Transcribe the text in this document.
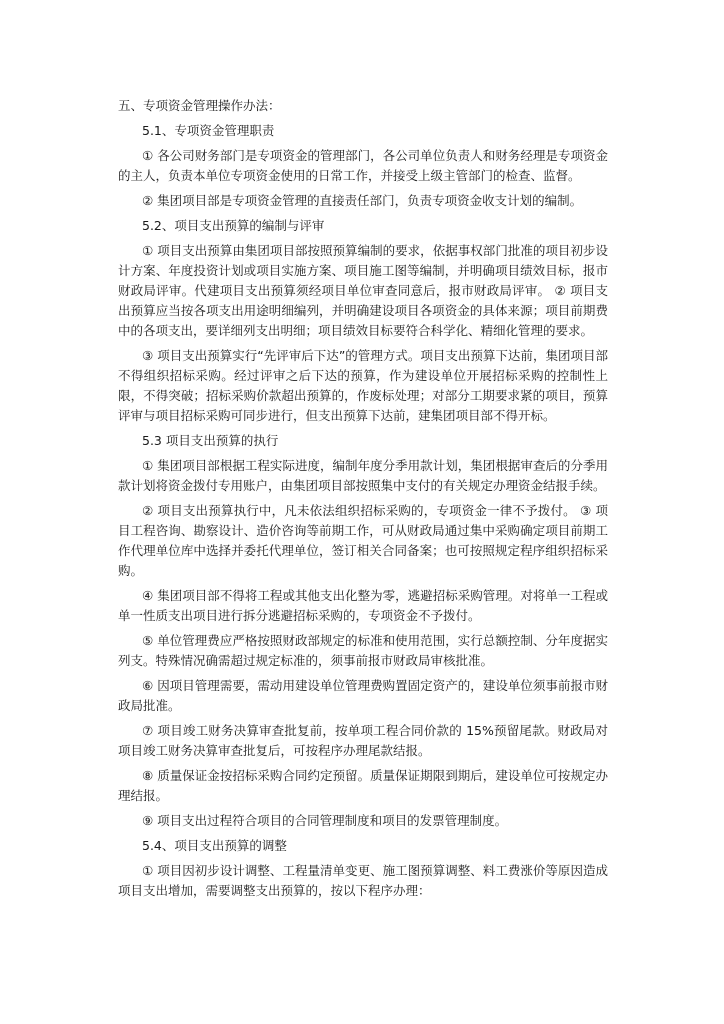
五、专项资金管理操作办法：
5.1、专项资金管理职责

① 各公司财务部门是专项资金的管理部门，各公司单位负责人和财务经理是专项资金的主人，负责本单位专项资金使用的日常工作，并接受上级主管部门的检查、监督。

② 集团项目部是专项资金管理的直接责任部门，负责专项资金收支计划的编制。

5.2、项目支出预算的编制与评审

① 项目支出预算由集团项目部按照预算编制的要求，依据事权部门批准的项目初步设计方案、年度投资计划或项目实施方案、项目施工图等编制，并明确项目绩效目标，报市财政局评审。代建项目支出预算须经项目单位审查同意后，报市财政局评审。 ② 项目支出预算应当按各项支出用途明细编列，并明确建设项目各项资金的具体来源；项目前期费中的各项支出，要详细列支出明细；项目绩效目标要符合科学化、精细化管理的要求。

③ 项目支出预算实行“先评审后下达”的管理方式。项目支出预算下达前，集团项目部不得组织招标采购。经过评审之后下达的预算，作为建设单位开展招标采购的控制性上限，不得突破；招标采购价款超出预算的，作废标处理；对部分工期要求紧的项目，预算评审与项目招标采购可同步进行，但支出预算下达前，建集团项目部不得开标。

5.3 项目支出预算的执行

① 集团项目部根据工程实际进度，编制年度分季用款计划，集团根据审查后的分季用款计划将资金拨付专用账户，由集团项目部按照集中支付的有关规定办理资金结报手续。

② 项目支出预算执行中，凡未依法组织招标采购的，专项资金一律不予拨付。 ③ 项目工程咨询、勘察设计、造价咨询等前期工作，可从财政局通过集中采购确定项目前期工作代理单位库中选择并委托代理单位，签订相关合同备案；也可按照规定程序组织招标采购。

④ 集团项目部不得将工程或其他支出化整为零，逃避招标采购管理。对将单一工程或单一性质支出项目进行拆分逃避招标采购的，专项资金不予拨付。

⑤ 单位管理费应严格按照财政部规定的标准和使用范围，实行总额控制、分年度据实列支。特殊情况确需超过规定标准的，须事前报市财政局审核批准。

⑥ 因项目管理需要，需动用建设单位管理费购置固定资产的，建设单位须事前报市财政局批准。

⑦ 项目竣工财务决算审查批复前，按单项工程合同价款的 15%预留尾款。财政局对项目竣工财务决算审查批复后，可按程序办理尾款结报。

⑧ 质量保证金按招标采购合同约定预留。质量保证期限到期后，建设单位可按规定办理结报。

⑨ 项目支出过程符合项目的合同管理制度和项目的发票管理制度。

5.4、项目支出预算的调整

① 项目因初步设计调整、工程量清单变更、施工图预算调整、料工费涨价等原因造成项目支出增加，需要调整支出预算的，按以下程序办理：
